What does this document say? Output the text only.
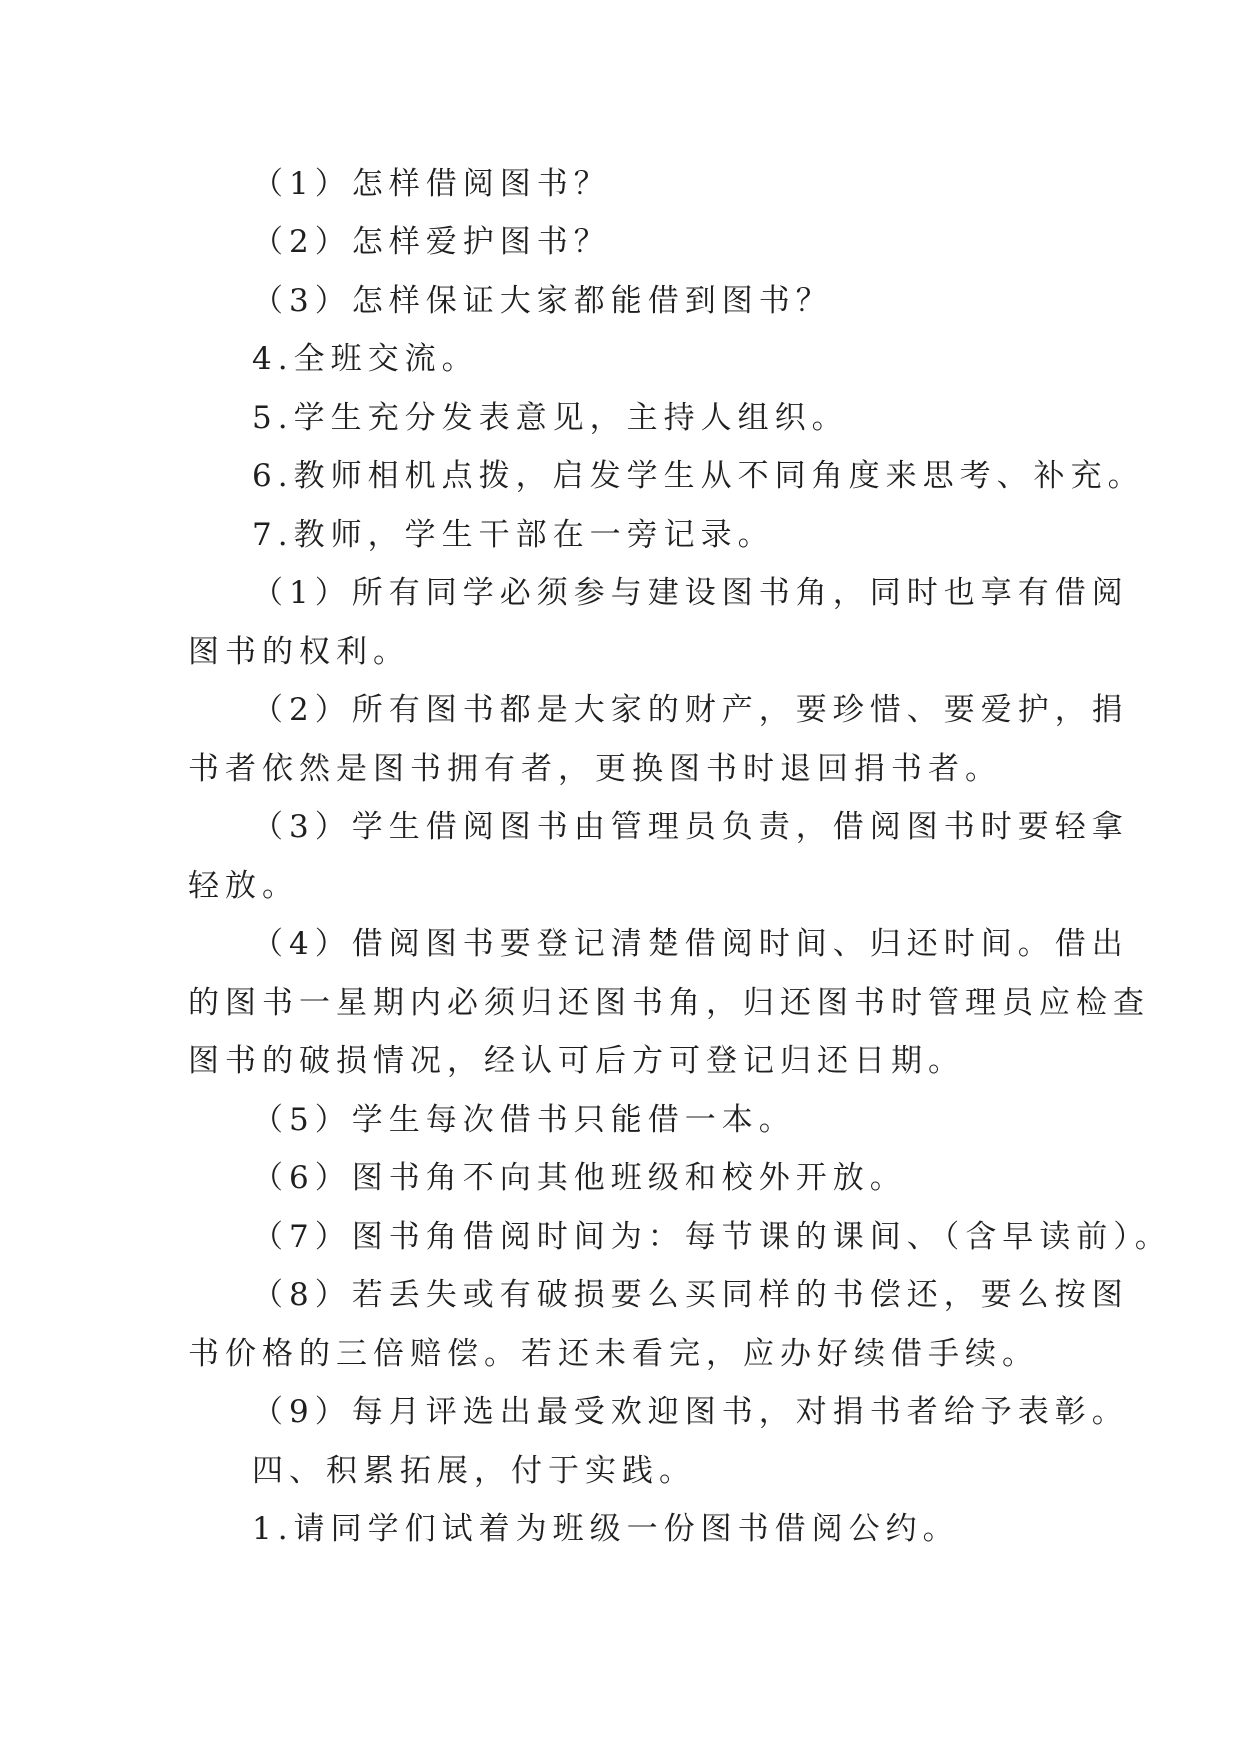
（1）怎样借阅图书？
（2）怎样爱护图书？
（3）怎样保证大家都能借到图书？
4.全班交流。
5.学生充分发表意见，主持人组织。
6.教师相机点拨，启发学生从不同角度来思考、补充。
7.教师，学生干部在一旁记录。
（1）所有同学必须参与建设图书角，同时也享有借阅
图书的权利。
（2）所有图书都是大家的财产，要珍惜、要爱护，捐
书者依然是图书拥有者，更换图书时退回捐书者。
（3）学生借阅图书由管理员负责，借阅图书时要轻拿
轻放。
（4）借阅图书要登记清楚借阅时间、归还时间。借出
的图书一星期内必须归还图书角，归还图书时管理员应检查
图书的破损情况，经认可后方可登记归还日期。
（5）学生每次借书只能借一本。
（6）图书角不向其他班级和校外开放。
（7）图书角借阅时间为：每节课的课间、（含早读前）。
（8）若丢失或有破损要么买同样的书偿还，要么按图
书价格的三倍赔偿。若还未看完，应办好续借手续。
（9）每月评选出最受欢迎图书，对捐书者给予表彰。
四、积累拓展，付于实践。
1.请同学们试着为班级一份图书借阅公约。
